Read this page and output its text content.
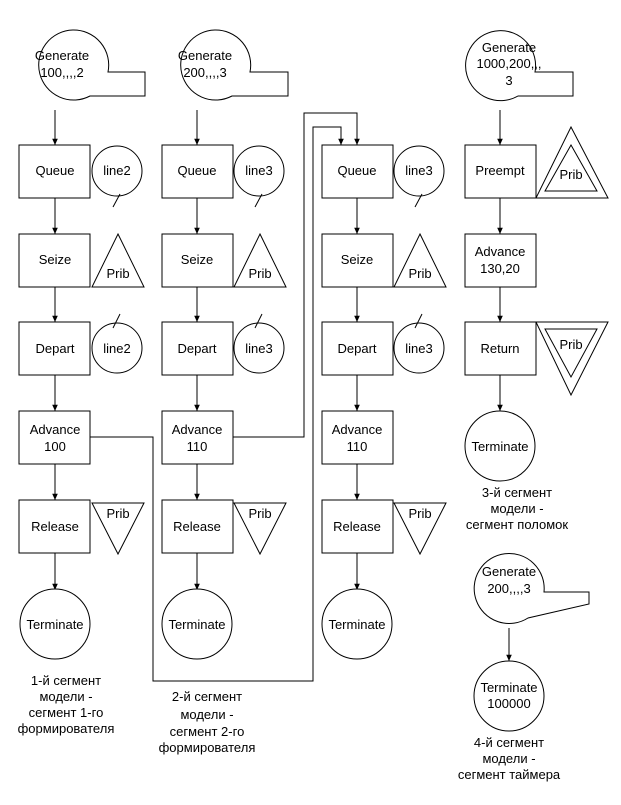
Generate
100,,,,2
Queue line2
Seize
Prib
Depart line2
Advance
100
Release
Prib
Terminate
1-й сегмент
модели -
сегмент 1-го
формирователя
Generate
200,,,,3
Queue line3
Seize
Prib
Depart line3
Advance
110
Release
Prib
Terminate
2-й сегмент
модели -
сегмент 2-го
формирователя
Queue line3
Seize
Prib
Depart line3
Advance
110
Release
Prib
Terminate
Generate
1000,200,,,
3
Preempt	Prib
Advance
130,20
Return	Prib
Terminate
3-й сегмент
модели -
сегмент поломок
Generate
200,,,,3
Terminate
100000
4-й сегмент
модели -
сегмент таймера
